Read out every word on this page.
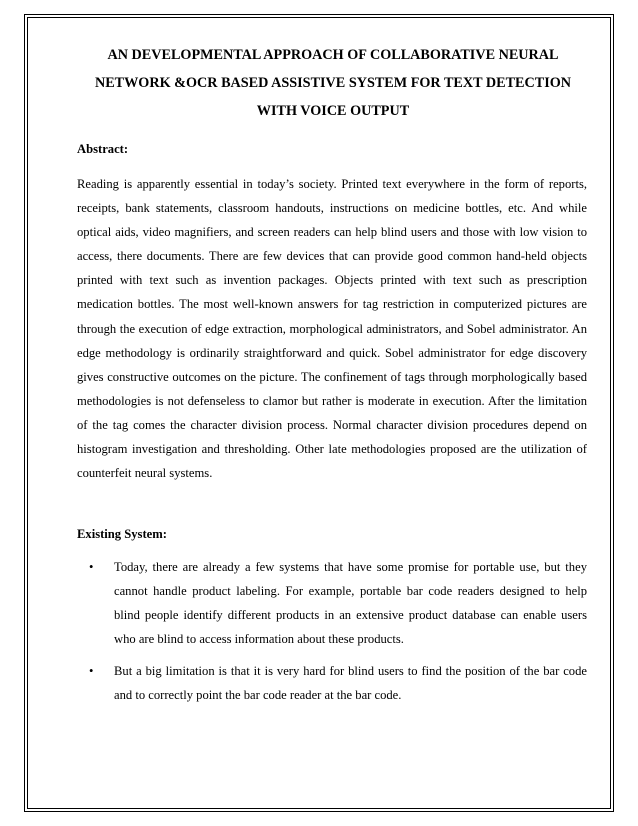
AN DEVELOPMENTAL APPROACH OF COLLABORATIVE NEURAL NETWORK &OCR BASED ASSISTIVE SYSTEM FOR TEXT DETECTION WITH VOICE OUTPUT
Abstract:

Reading is apparently essential in today’s society. Printed text everywhere in the form of reports, receipts, bank statements, classroom handouts, instructions on medicine bottles, etc. And while optical aids, video magnifiers, and screen readers can help blind users and those with low vision to access, there documents. There are few devices that can provide good common hand-held objects printed with text such as invention packages. Objects printed with text such as prescription medication bottles. The most well-known answers for tag restriction in computerized pictures are through the execution of edge extraction, morphological administrators, and Sobel administrator. An edge methodology is ordinarily straightforward and quick. Sobel administrator for edge discovery gives constructive outcomes on the picture. The confinement of tags through morphologically based methodologies is not defenseless to clamor but rather is moderate in execution. After the limitation of the tag comes the character division process. Normal character division procedures depend on histogram investigation and thresholding. Other late methodologies proposed are the utilization of counterfeit neural systems.

Existing System:
• Today, there are already a few systems that have some promise for portable use, but they cannot handle product labeling. For example, portable bar code readers designed to help blind people identify different products in an extensive product database can enable users who are blind to access information about these products.
• But a big limitation is that it is very hard for blind users to find the position of the bar code and to correctly point the bar code reader at the bar code.
